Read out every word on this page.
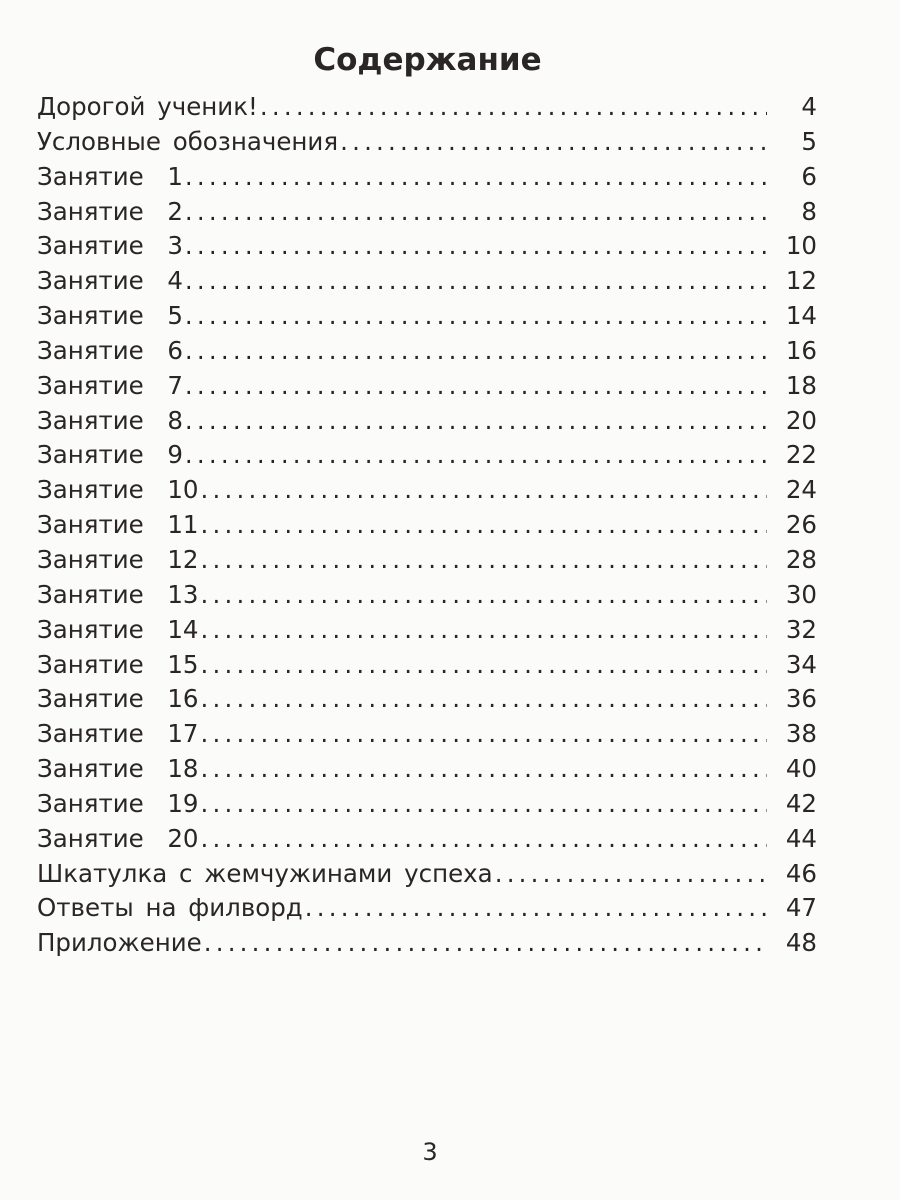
Содержание
Дорогой ученик! .....	4
Условные обозначения .....	5
Занятие  1 .....	6
Занятие  2 .....	8
Занятие  3 .....	10
Занятие  4 .....	12
Занятие  5 .....	14
Занятие  6 .....	16
Занятие  7 .....	18
Занятие  8 .....	20
Занятие  9 .....	22
Занятие  10 .....	24
Занятие  11 .....	26
Занятие  12 .....	28
Занятие  13 .....	30
Занятие  14 .....	32
Занятие  15 .....	34
Занятие  16 .....	36
Занятие  17 .....	38
Занятие  18 .....	40
Занятие  19 .....	42
Занятие  20 .....	44
Шкатулка с жемчужинами успеха .....	46
Ответы на филворд .....	47
Приложение .....	48
3
